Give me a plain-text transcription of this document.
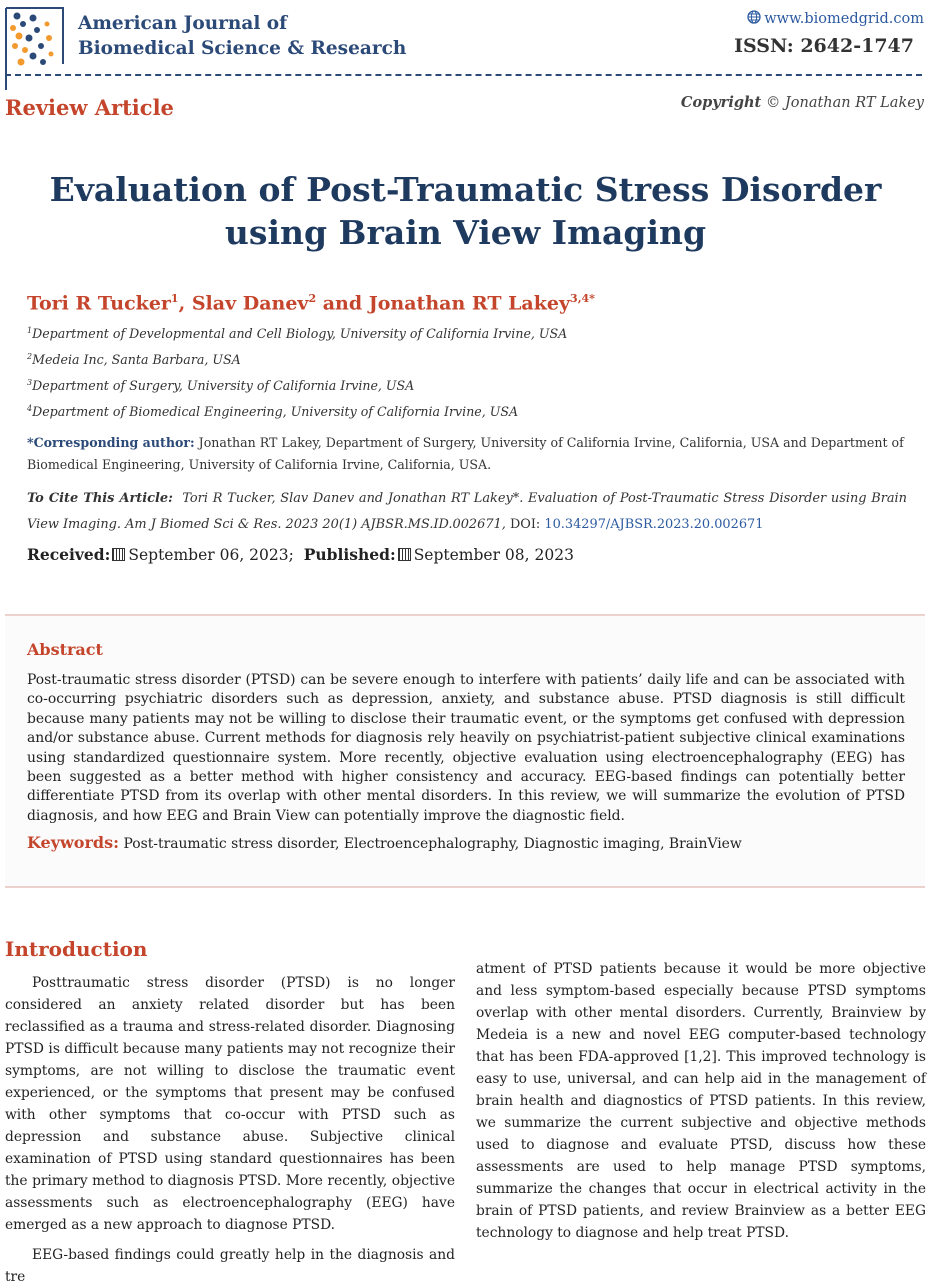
American Journal of
Biomedical Science & Research
www.biomedgrid.com
ISSN: 2642-1747
Review Article	Copyright © Jonathan RT Lakey
Evaluation of Post-Traumatic Stress Disorder
using Brain View Imaging
Tori R Tucker$^1$, Slav Danev$^2$ and Jonathan RT Lakey$^{3,4*}$
$^1$Department of Developmental and Cell Biology, University of California Irvine, USA
$^2$Medeia Inc, Santa Barbara, USA
$^3$Department of Surgery, University of California Irvine, USA
$^4$Department of Biomedical Engineering, University of California Irvine, USA
*Corresponding author: Jonathan RT Lakey, Department of Surgery, University of California Irvine, California, USA and Department of Biomedical Engineering, University of California Irvine, California, USA.
To Cite This Article: Tori R Tucker, Slav Danev and Jonathan RT Lakey*. Evaluation of Post-Traumatic Stress Disorder using Brain View Imaging. Am J Biomed Sci & Res. 2023 20(1) AJBSR.MS.ID.002671, DOI: 10.34297/AJBSR.2023.20.002671
Received: September 06, 2023; Published: September 08, 2023
Abstract
Post-traumatic stress disorder (PTSD) can be severe enough to interfere with patients’ daily life and can be associated with co-occurring psychiatric disorders such as depression, anxiety, and substance abuse. PTSD diagnosis is still difficult because many patients may not be willing to disclose their traumatic event, or the symptoms get confused with depression and/or substance abuse. Current methods for diagnosis rely heavily on psychiatrist-patient subjective clinical examinations using standardized questionnaire system. More recently, objective evaluation using electroencephalography (EEG) has been suggested as a better method with higher consistency and accuracy. EEG-based findings can potentially better differentiate PTSD from its overlap with other mental disorders. In this review, we will summarize the evolution of PTSD diagnosis, and how EEG and Brain View can potentially improve the diagnostic field.
Keywords: Post-traumatic stress disorder, Electroencephalography, Diagnostic imaging, BrainView
Introduction

Posttraumatic stress disorder (PTSD) is no longer considered an anxiety related disorder but has been reclassified as a trauma and stress-related disorder. Diagnosing PTSD is difficult because many patients may not recognize their symptoms, are not willing to disclose the traumatic event experienced, or the symptoms that present may be confused with other symptoms that co-occur with PTSD such as depression and substance abuse. Subjective clinical examination of PTSD using standard questionnaires has been the primary method to diagnosis PTSD. More recently, objective assessments such as electroencephalography (EEG) have emerged as a new approach to diagnose PTSD.

EEG-based findings could greatly help in the diagnosis and tre

atment of PTSD patients because it would be more objective and less symptom-based especially because PTSD symptoms overlap with other mental disorders. Currently, Brainview by Medeia is a new and novel EEG computer-based technology that has been FDA-approved [1,2]. This improved technology is easy to use, universal, and can help aid in the management of brain health and diagnostics of PTSD patients. In this review, we summarize the current subjective and objective methods used to diagnose and evaluate PTSD, discuss how these assessments are used to help manage PTSD symptoms, summarize the changes that occur in electrical activity in the brain of PTSD patients, and review Brainview as a better EEG technology to diagnose and help treat PTSD.
